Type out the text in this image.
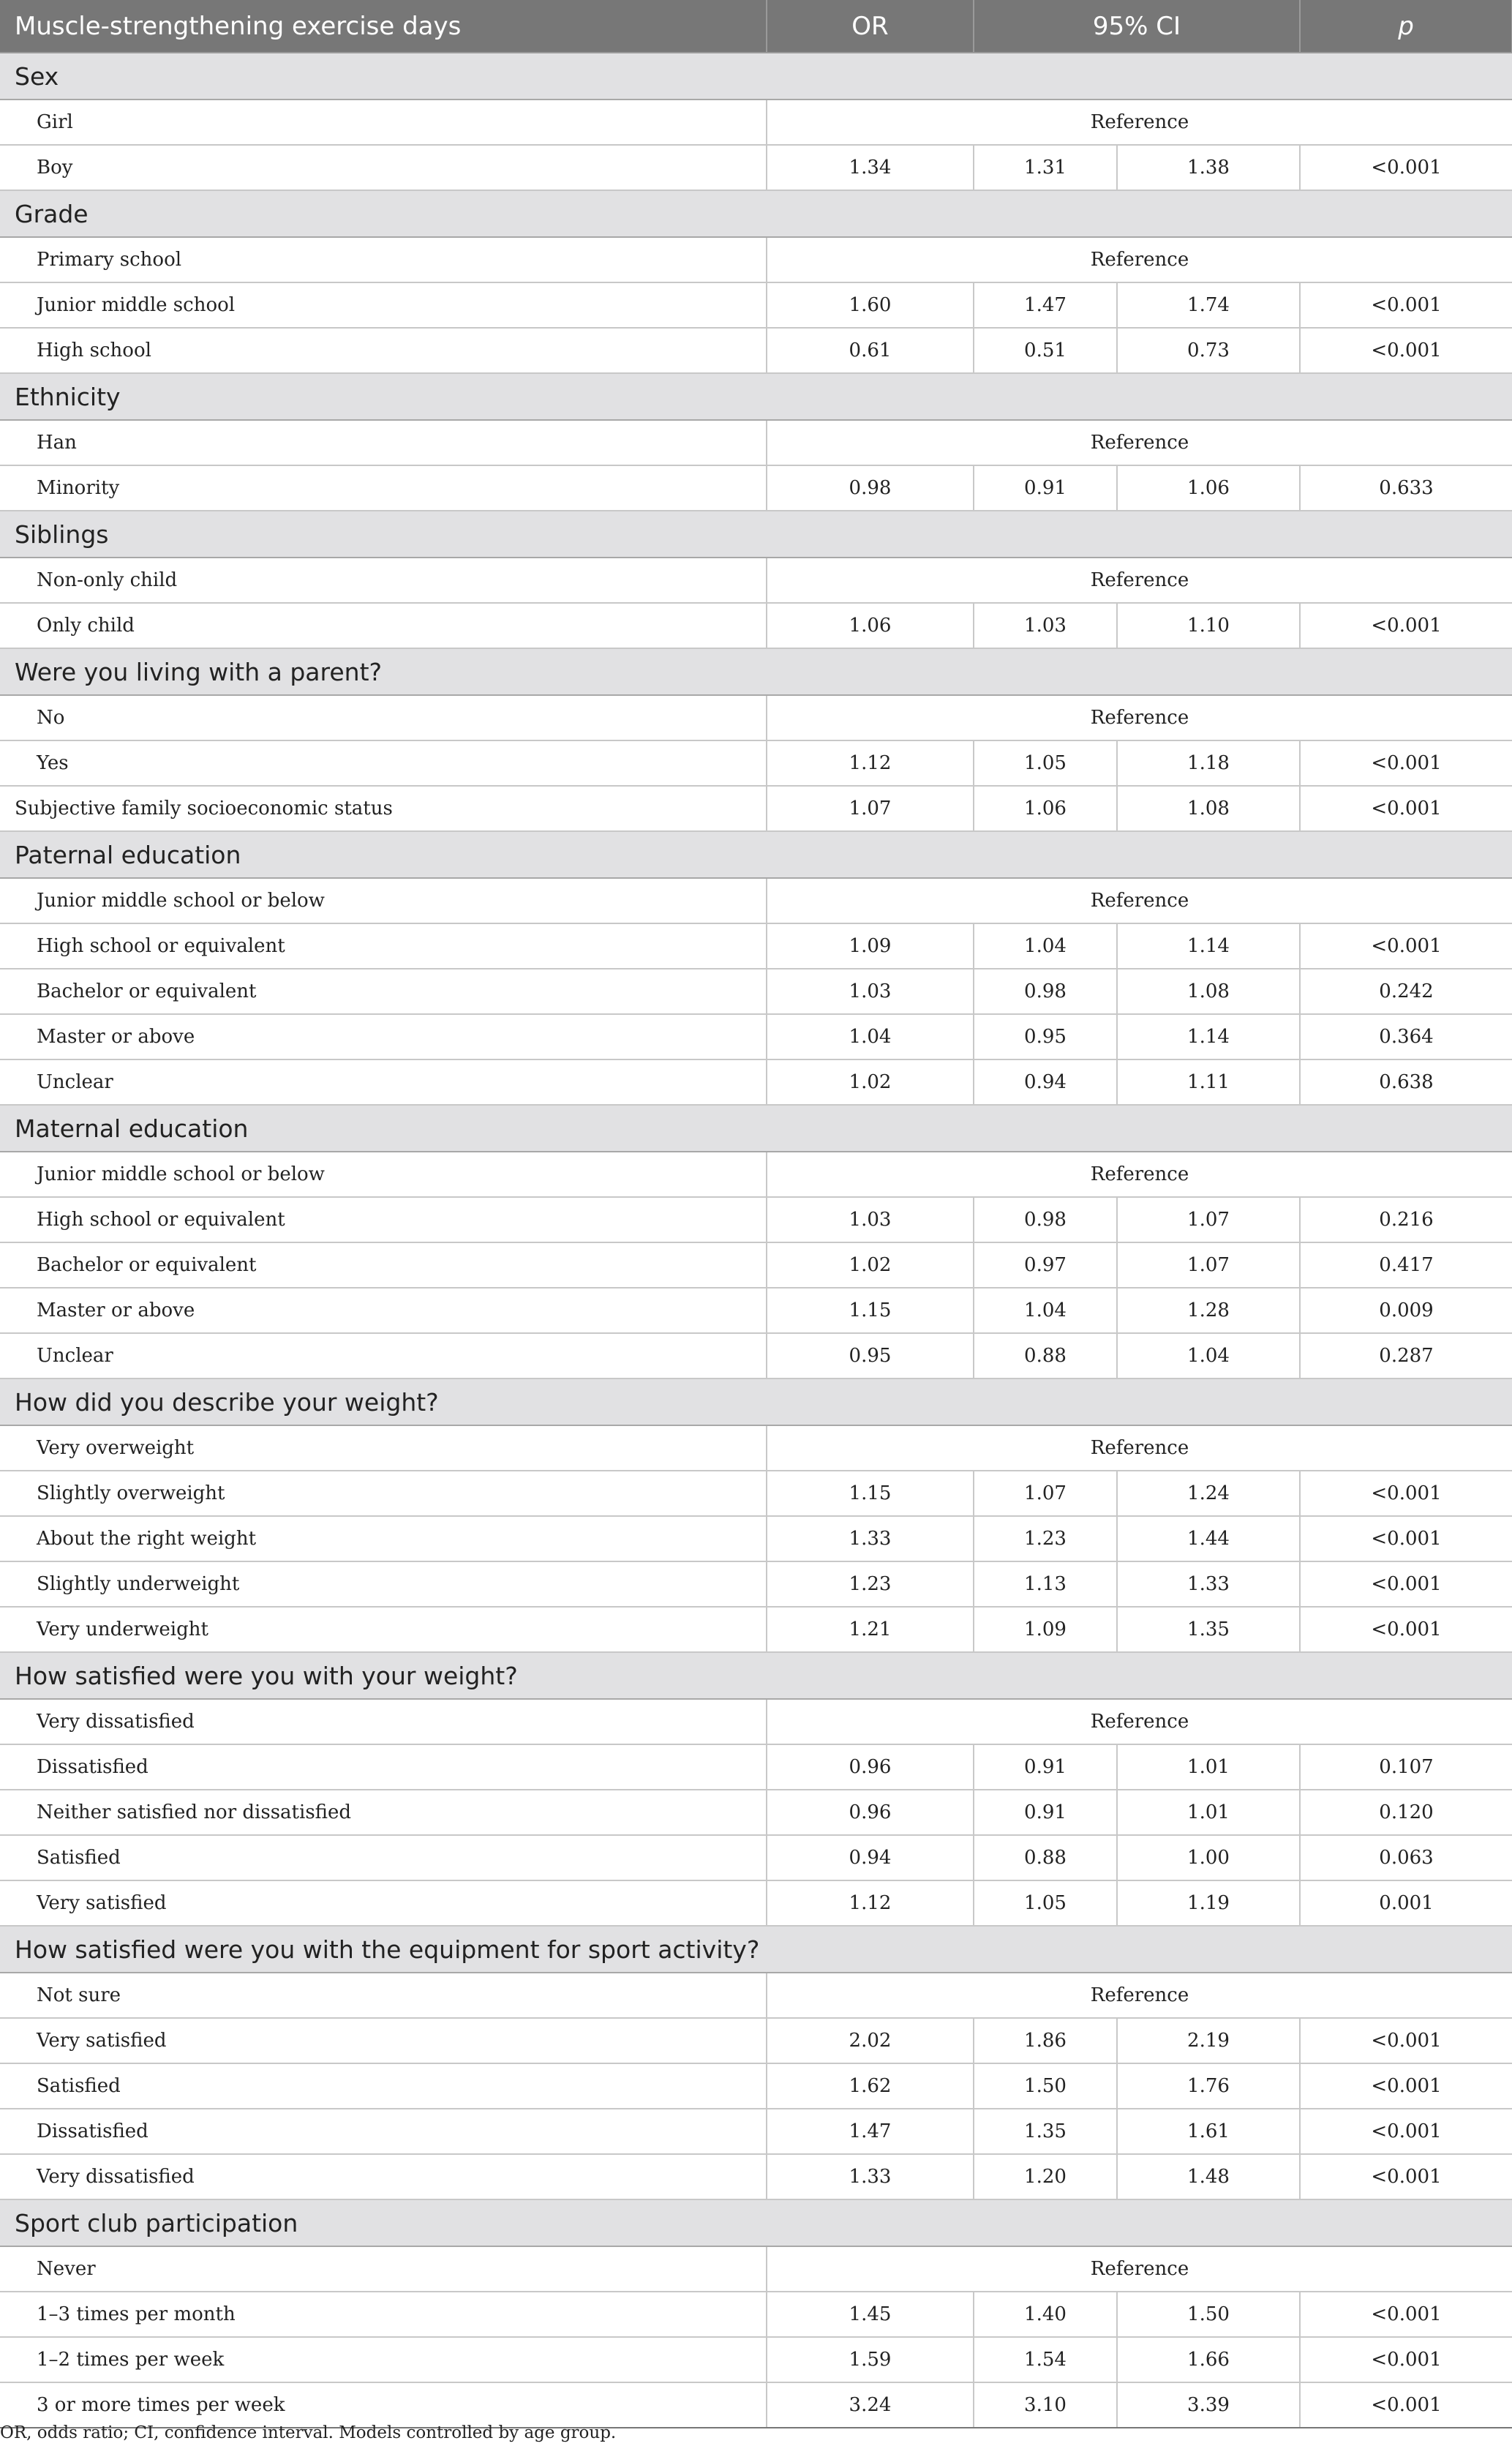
Muscle-strengthening exercise days	OR	95% CI		p
Sex				
Girl	Reference			
Boy	1.34	1.31	1.38	<0.001
Grade				
Primary school	Reference			
Junior middle school	1.60	1.47	1.74	<0.001
High school	0.61	0.51	0.73	<0.001
Ethnicity				
Han	Reference			
Minority	0.98	0.91	1.06	0.633
Siblings				
Non-only child	Reference			
Only child	1.06	1.03	1.10	<0.001
Were you living with a parent?				
No	Reference			
Yes	1.12	1.05	1.18	<0.001
Subjective family socioeconomic status	1.07	1.06	1.08	<0.001
Paternal education				
Junior middle school or below	Reference			
High school or equivalent	1.09	1.04	1.14	<0.001
Bachelor or equivalent	1.03	0.98	1.08	0.242
Master or above	1.04	0.95	1.14	0.364
Unclear	1.02	0.94	1.11	0.638
Maternal education				
Junior middle school or below	Reference			
High school or equivalent	1.03	0.98	1.07	0.216
Bachelor or equivalent	1.02	0.97	1.07	0.417
Master or above	1.15	1.04	1.28	0.009
Unclear	0.95	0.88	1.04	0.287
How did you describe your weight?				
Very overweight	Reference			
Slightly overweight	1.15	1.07	1.24	<0.001
About the right weight	1.33	1.23	1.44	<0.001
Slightly underweight	1.23	1.13	1.33	<0.001
Very underweight	1.21	1.09	1.35	<0.001
How satisfied were you with your weight?				
Very dissatisfied	Reference			
Dissatisfied	0.96	0.91	1.01	0.107
Neither satisfied nor dissatisfied	0.96	0.91	1.01	0.120
Satisfied	0.94	0.88	1.00	0.063
Very satisfied	1.12	1.05	1.19	0.001
How satisfied were you with the equipment for sport activity?				
Not sure	Reference			
Very satisfied	2.02	1.86	2.19	<0.001
Satisfied	1.62	1.50	1.76	<0.001
Dissatisfied	1.47	1.35	1.61	<0.001
Very dissatisfied	1.33	1.20	1.48	<0.001
Sport club participation				
Never	Reference			
1–3 times per month	1.45	1.40	1.50	<0.001
1–2 times per week	1.59	1.54	1.66	<0.001
3 or more times per week	3.24	3.10	3.39	<0.001
OR, odds ratio; CI, confidence interval. Models controlled by age group.
